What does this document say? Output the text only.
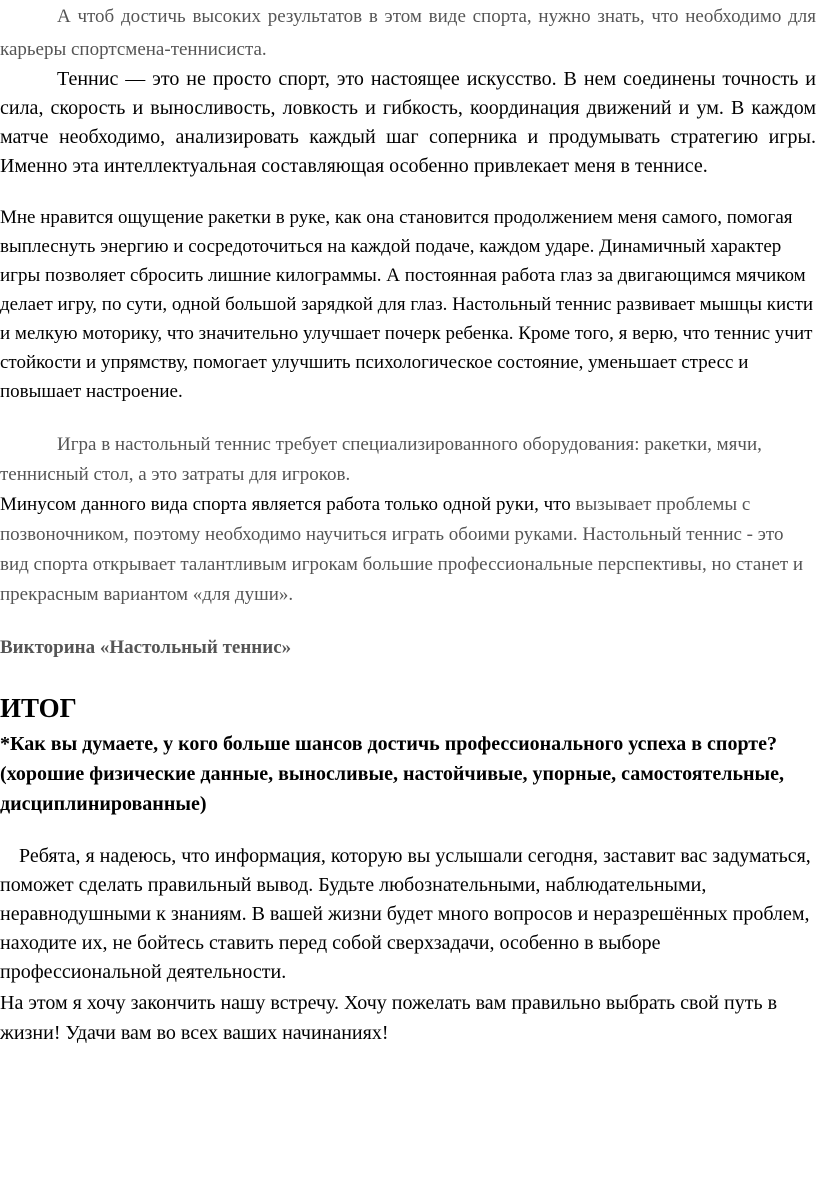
А чтоб достичь высоких результатов в этом виде спорта, нужно знать, что необходимо для карьеры спортсмена-теннисиста.

Теннис — это не просто спорт, это настоящее искусство. В нем соединены точность и сила, скорость и выносливость, ловкость и гибкость, координация движений и ум. В каждом матче необходимо, анализировать каждый шаг соперника и продумывать стратегию игры. Именно эта интеллектуальная составляющая особенно привлекает меня в теннисе.

Мне нравится ощущение ракетки в руке, как она становится продолжением меня самого, помогая выплеснуть энергию и сосредоточиться на каждой подаче, каждом ударе. Динамичный характер игры позволяет сбросить лишние килограммы. А постоянная работа глаз за двигающимся мячиком делает игру, по сути, одной большой зарядкой для глаз. Настольный теннис развивает мышцы кисти и мелкую моторику, что значительно улучшает почерк ребенка. Кроме того, я верю, что теннис учит стойкости и упрямству, помогает улучшить психологическое состояние, уменьшает стресс и повышает настроение.

Игра в настольный теннис требует специализированного оборудования: ракетки, мячи, теннисный стол, а это затраты для игроков.

Минусом данного вида спорта является работа только одной руки, что вызывает проблемы с позвоночником, поэтому необходимо научиться играть обоими руками. Настольный теннис - это вид спорта открывает талантливым игрокам большие профессиональные перспективы, но станет и прекрасным вариантом «для души».

Викторина «Настольный теннис»

ИТОГ

*Как вы думаете, у кого больше шансов достичь профессионального успеха в спорте? (хорошие физические данные, выносливые, настойчивые, упорные, самостоятельные, дисциплинированные)

Ребята, я надеюсь, что информация, которую вы услышали сегодня, заставит вас задуматься, поможет сделать правильный вывод. Будьте любознательными, наблюдательными, неравнодушными к знаниям. В вашей жизни будет много вопросов и неразрешённых проблем, находите их, не бойтесь ставить перед собой сверхзадачи, особенно в выборе профессиональной деятельности.

На этом я хочу закончить нашу встречу. Хочу пожелать вам правильно выбрать свой путь в жизни! Удачи вам во всех ваших начинаниях!
